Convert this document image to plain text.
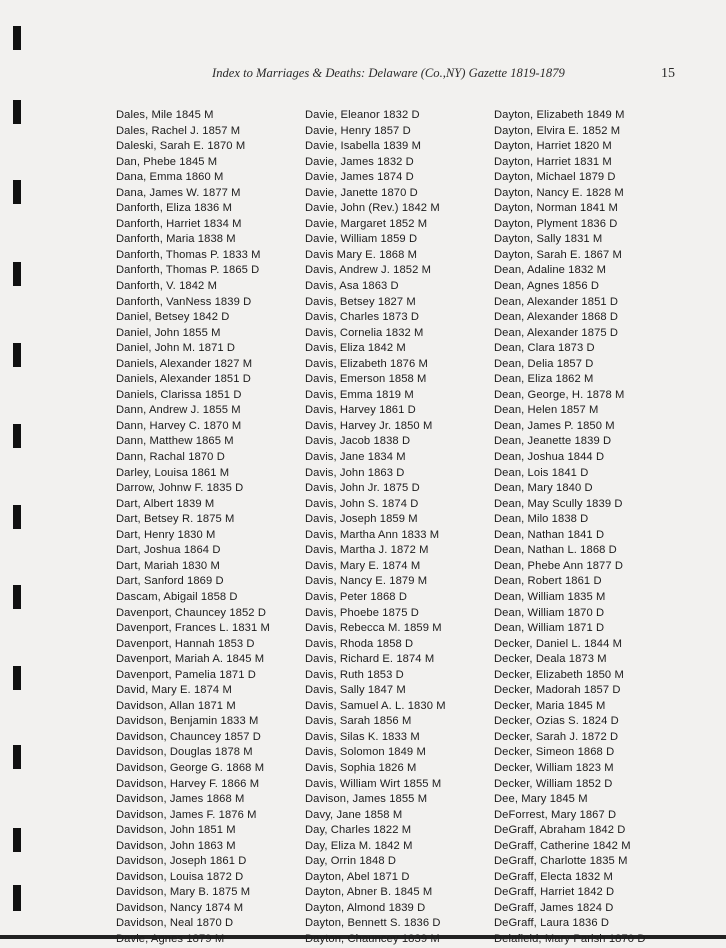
Index to Marriages & Deaths: Delaware (Co.,NY) Gazette 1819-1879	15
Dales, Mile 1845 M
Dales, Rachel J. 1857 M
Daleski, Sarah E. 1870 M
Dan, Phebe 1845 M
Dana, Emma 1860 M
Dana, James W. 1877 M
Danforth, Eliza 1836 M
Danforth, Harriet 1834 M
Danforth, Maria 1838 M
Danforth, Thomas P. 1833 M
Danforth, Thomas P. 1865 D
Danforth, V. 1842 M
Danforth, VanNess 1839 D
Daniel, Betsey 1842 D
Daniel, John 1855 M
Daniel, John M. 1871 D
Daniels, Alexander 1827 M
Daniels, Alexander 1851 D
Daniels, Clarissa 1851 D
Dann, Andrew J. 1855 M
Dann, Harvey C. 1870 M
Dann, Matthew 1865 M
Dann, Rachal 1870 D
Darley, Louisa 1861 M
Darrow, Johnw F. 1835 D
Dart, Albert 1839 M
Dart, Betsey R. 1875 M
Dart, Henry 1830 M
Dart, Joshua 1864 D
Dart, Mariah 1830 M
Dart, Sanford 1869 D
Dascam, Abigail 1858 D
Davenport, Chauncey 1852 D
Davenport, Frances L. 1831 M
Davenport, Hannah 1853 D
Davenport, Mariah A. 1845 M
Davenport, Pamelia 1871 D
David, Mary E. 1874 M
Davidson, Allan 1871 M
Davidson, Benjamin 1833 M
Davidson, Chauncey 1857 D
Davidson, Douglas 1878 M
Davidson, George G. 1868 M
Davidson, Harvey F. 1866 M
Davidson, James 1868 M
Davidson, James F. 1876 M
Davidson, John 1851 M
Davidson, John 1863 M
Davidson, Joseph 1861 D
Davidson, Louisa 1872 D
Davidson, Mary B. 1875 M
Davidson, Nancy 1874 M
Davidson, Neal 1870 D
Davie, Agnes 1879 M
Davie, Eleanor 1832 D
Davie, Henry 1857 D
Davie, Isabella 1839 M
Davie, James 1832 D
Davie, James 1874 D
Davie, Janette 1870 D
Davie, John (Rev.) 1842 M
Davie, Margaret 1852 M
Davie, William 1859 D
Davis Mary E. 1868 M
Davis, Andrew J. 1852 M
Davis, Asa 1863 D
Davis, Betsey 1827 M
Davis, Charles 1873 D
Davis, Cornelia 1832 M
Davis, Eliza 1842 M
Davis, Elizabeth 1876 M
Davis, Emerson 1858 M
Davis, Emma 1819 M
Davis, Harvey 1861 D
Davis, Harvey Jr. 1850 M
Davis, Jacob 1838 D
Davis, Jane 1834 M
Davis, John 1863 D
Davis, John Jr. 1875 D
Davis, John S. 1874 D
Davis, Joseph 1859 M
Davis, Martha Ann 1833 M
Davis, Martha J. 1872 M
Davis, Mary E. 1874 M
Davis, Nancy E. 1879 M
Davis, Peter 1868 D
Davis, Phoebe 1875 D
Davis, Rebecca M. 1859 M
Davis, Rhoda 1858 D
Davis, Richard E. 1874 M
Davis, Ruth 1853 D
Davis, Sally 1847 M
Davis, Samuel A. L. 1830 M
Davis, Sarah 1856 M
Davis, Silas K. 1833 M
Davis, Solomon 1849 M
Davis, Sophia 1826 M
Davis, William Wirt 1855 M
Davison, James 1855 M
Davy, Jane 1858 M
Day, Charles 1822 M
Day, Eliza M. 1842 M
Day, Orrin 1848 D
Dayton, Abel 1871 D
Dayton, Abner B. 1845 M
Dayton, Almond 1839 D
Dayton, Bennett S. 1836 D
Dayton, Chauncey 1839 M
Dayton, Elizabeth 1849 M
Dayton, Elvira E. 1852 M
Dayton, Harriet 1820 M
Dayton, Harriet 1831 M
Dayton, Michael 1879 D
Dayton, Nancy E. 1828 M
Dayton, Norman 1841 M
Dayton, Plyment 1836 D
Dayton, Sally 1831 M
Dayton, Sarah E. 1867 M
Dean, Adaline 1832 M
Dean, Agnes 1856 D
Dean, Alexander 1851 D
Dean, Alexander 1868 D
Dean, Alexander 1875 D
Dean, Clara 1873 D
Dean, Delia 1857 D
Dean, Eliza 1862 M
Dean, George, H. 1878 M
Dean, Helen 1857 M
Dean, James P. 1850 M
Dean, Jeanette 1839 D
Dean, Joshua 1844 D
Dean, Lois 1841 D
Dean, Mary 1840 D
Dean, May Scully 1839 D
Dean, Milo 1838 D
Dean, Nathan 1841 D
Dean, Nathan L. 1868 D
Dean, Phebe Ann 1877 D
Dean, Robert 1861 D
Dean, William 1835 M
Dean, William 1870 D
Dean, William 1871 D
Decker, Daniel L. 1844 M
Decker, Deala 1873 M
Decker, Elizabeth 1850 M
Decker, Madorah 1857 D
Decker, Maria 1845 M
Decker, Ozias S. 1824 D
Decker, Sarah J. 1872 D
Decker, Simeon 1868 D
Decker, William 1823 M
Decker, William 1852 D
Dee, Mary 1845 M
DeForrest, Mary 1867 D
DeGraff, Abraham 1842 D
DeGraff, Catherine 1842 M
DeGraff, Charlotte 1835 M
DeGraff, Electa 1832 M
DeGraff, Harriet 1842 D
DeGraff, James 1824 D
DeGraff, Laura 1836 D
Delafield, Mary Parish 1870 D
